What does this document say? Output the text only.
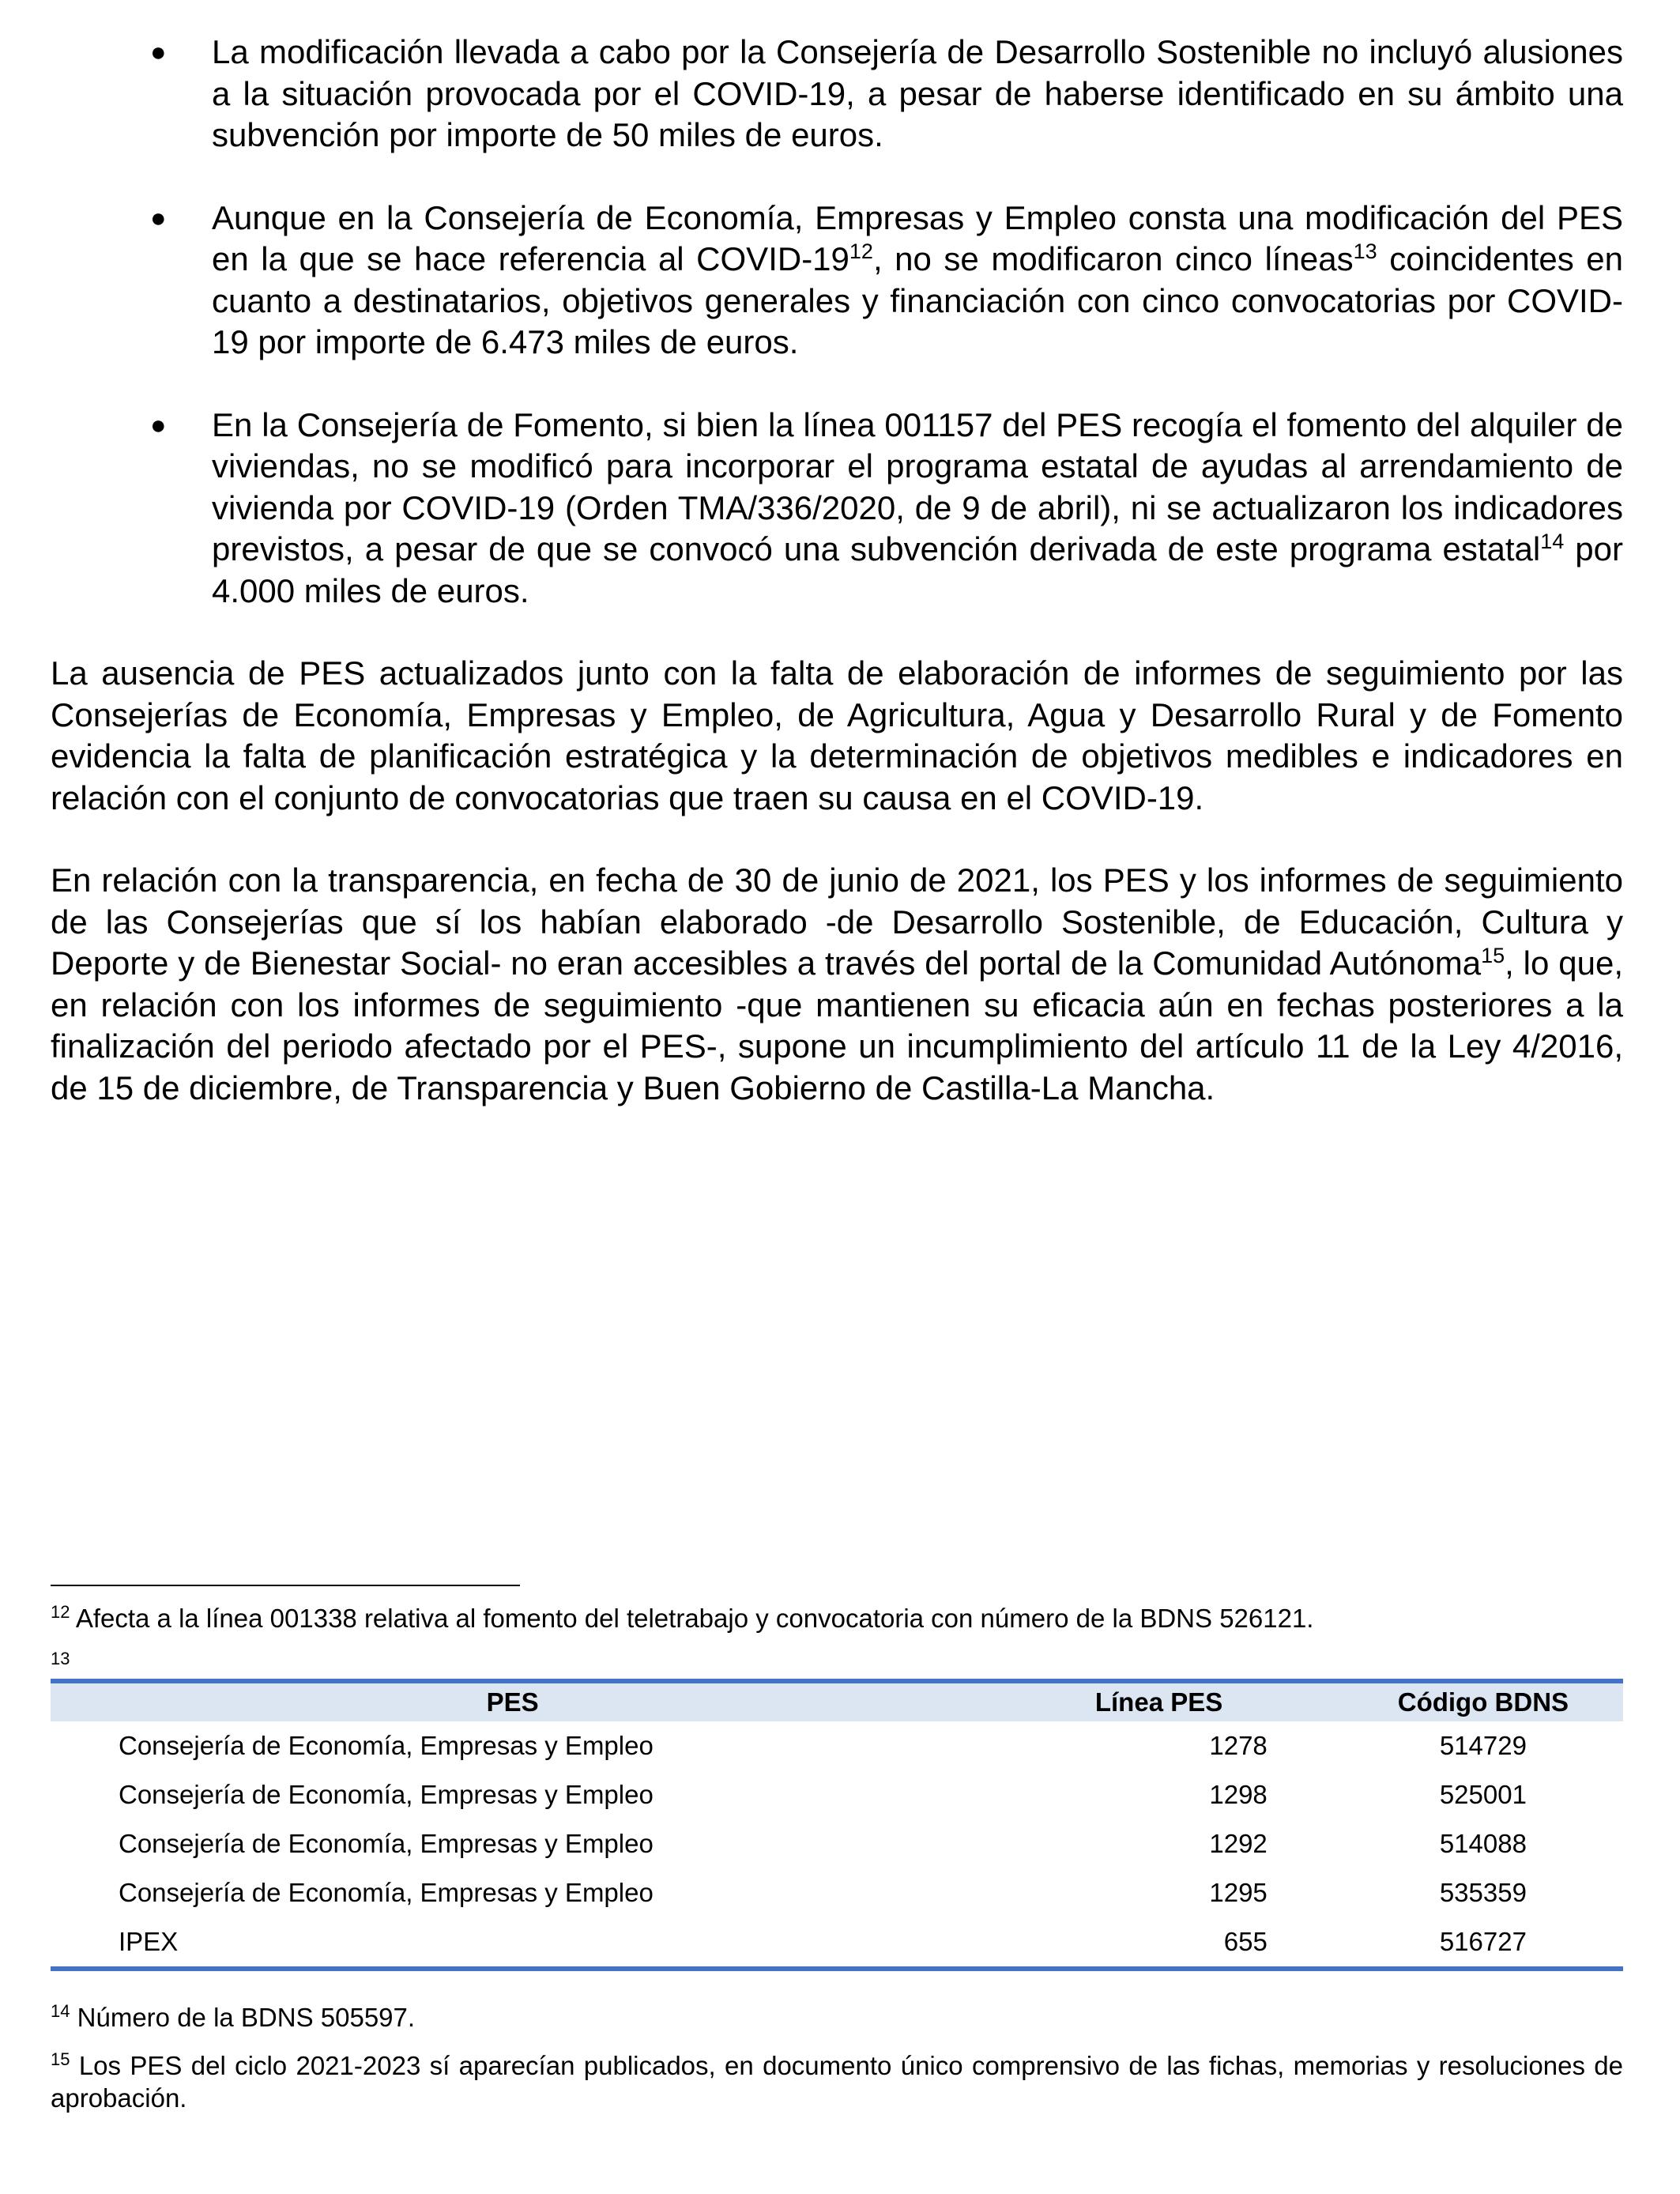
● La modificación llevada a cabo por la Consejería de Desarrollo Sostenible no incluyó alusiones a la situación provocada por el COVID-19, a pesar de haberse identificado en su ámbito una subvención por importe de 50 miles de euros.
● Aunque en la Consejería de Economía, Empresas y Empleo consta una modificación del PES en la que se hace referencia al COVID-$19^{12}$, no se modificaron cinco líneas$^{13}$ coincidentes en cuanto a destinatarios, objetivos generales y financiación con cinco convocatorias por COVID-19 por importe de 6.473 miles de euros.
● En la Consejería de Fomento, si bien la línea 001157 del PES recogía el fomento del alquiler de viviendas, no se modificó para incorporar el programa estatal de ayudas al arrendamiento de vivienda por COVID-19 (Orden TMA/336/2020, de 9 de abril), ni se actualizaron los indicadores previstos, a pesar de que se convocó una subvención derivada de este programa estatal$^{14}$ por 4.000 miles de euros.

La ausencia de PES actualizados junto con la falta de elaboración de informes de seguimiento por las Consejerías de Economía, Empresas y Empleo, de Agricultura, Agua y Desarrollo Rural y de Fomento evidencia la falta de planificación estratégica y la determinación de objetivos medibles e indicadores en relación con el conjunto de convocatorias que traen su causa en el COVID-19.

En relación con la transparencia, en fecha de 30 de junio de 2021, los PES y los informes de seguimiento de las Consejerías que sí los habían elaborado -de Desarrollo Sostenible, de Educación, Cultura y Deporte y de Bienestar Social- no eran accesibles a través del portal de la Comunidad Autónoma$^{15}$, lo que, en relación con los informes de seguimiento -que mantienen su eficacia aún en fechas posteriores a la finalización del periodo afectado por el PES-, supone un incumplimiento del artículo 11 de la Ley 4/2016, de 15 de diciembre, de Transparencia y Buen Gobierno de Castilla-La Mancha.

$^{12}$ Afecta a la línea 001338 relativa al fomento del teletrabajo y convocatoria con número de la BDNS 526121.

13
PES	Línea PES	Código BDNS
Consejería de Economía, Empresas y Empleo	1278	514729
Consejería de Economía, Empresas y Empleo	1298	525001
Consejería de Economía, Empresas y Empleo	1292	514088
Consejería de Economía, Empresas y Empleo	1295	535359
IPEX	655	516727

$^{14}$ Número de la BDNS 505597.

$^{15}$ Los PES del ciclo 2021-2023 sí aparecían publicados, en documento único comprensivo de las fichas, memorias y resoluciones de aprobación.
